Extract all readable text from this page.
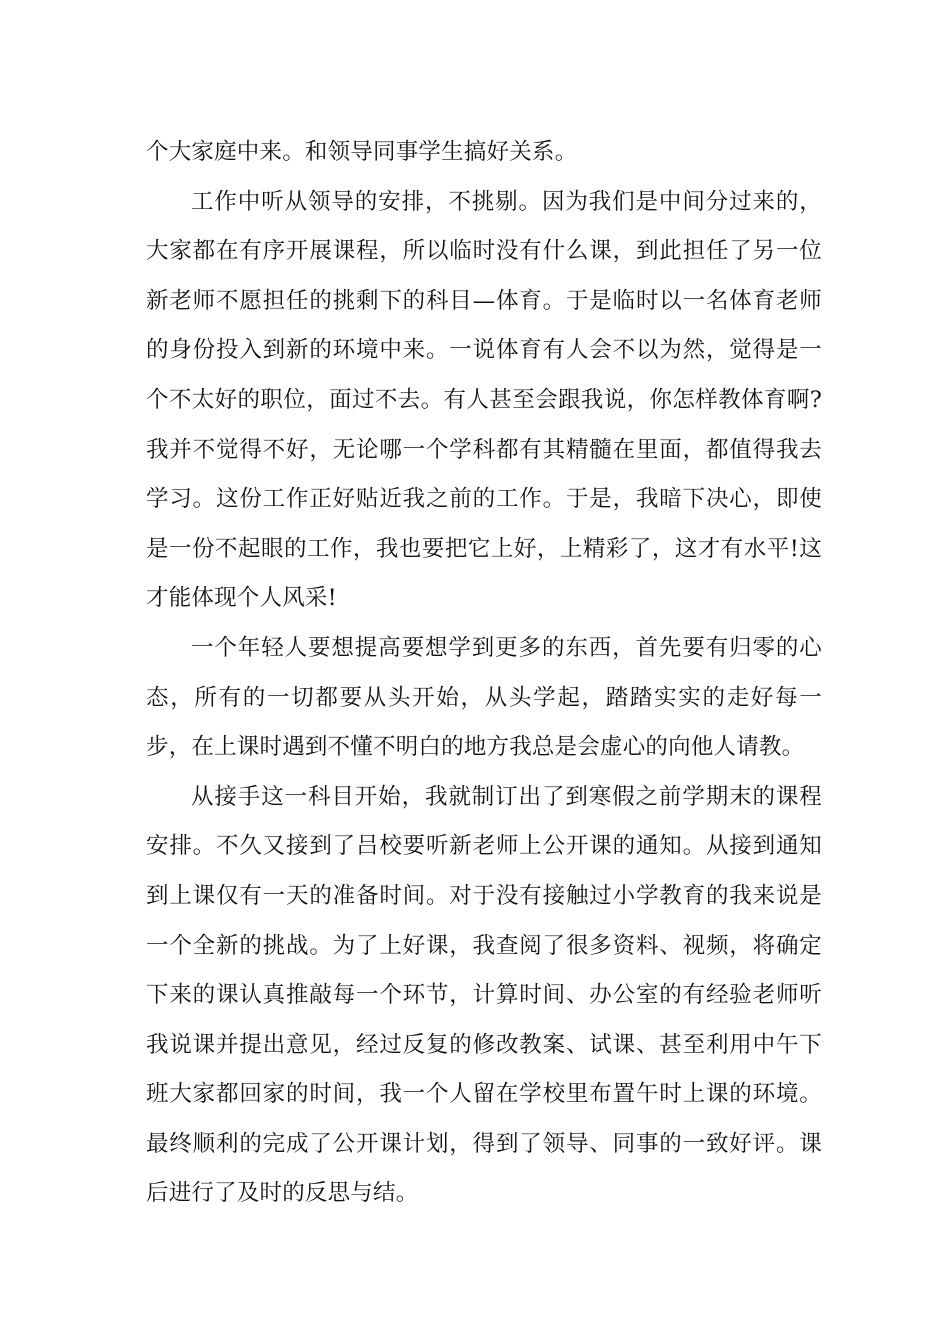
个大家庭中来。和领导同事学生搞好关系。

工作中听从领导的安排，不挑剔。因为我们是中间分过来的，大家都在有序开展课程，所以临时没有什么课，到此担任了另一位新老师不愿担任的挑剩下的科目—体育。于是临时以一名体育老师的身份投入到新的环境中来。一说体育有人会不以为然，觉得是一个不太好的职位，面过不去。有人甚至会跟我说，你怎样教体育啊?我并不觉得不好，无论哪一个学科都有其精髓在里面，都值得我去学习。这份工作正好贴近我之前的工作。于是，我暗下决心，即使是一份不起眼的工作，我也要把它上好，上精彩了，这才有水平!这才能体现个人风采!

一个年轻人要想提高要想学到更多的东西，首先要有归零的心态，所有的一切都要从头开始，从头学起，踏踏实实的走好每一步，在上课时遇到不懂不明白的地方我总是会虚心的向他人请教。

从接手这一科目开始，我就制订出了到寒假之前学期末的课程安排。不久又接到了吕校要听新老师上公开课的通知。从接到通知到上课仅有一天的准备时间。对于没有接触过小学教育的我来说是一个全新的挑战。为了上好课，我查阅了很多资料、视频，将确定下来的课认真推敲每一个环节，计算时间、办公室的有经验老师听我说课并提出意见，经过反复的修改教案、试课、甚至利用中午下班大家都回家的时间，我一个人留在学校里布置午时上课的环境。最终顺利的完成了公开课计划，得到了领导、同事的一致好评。课后进行了及时的反思与结。
